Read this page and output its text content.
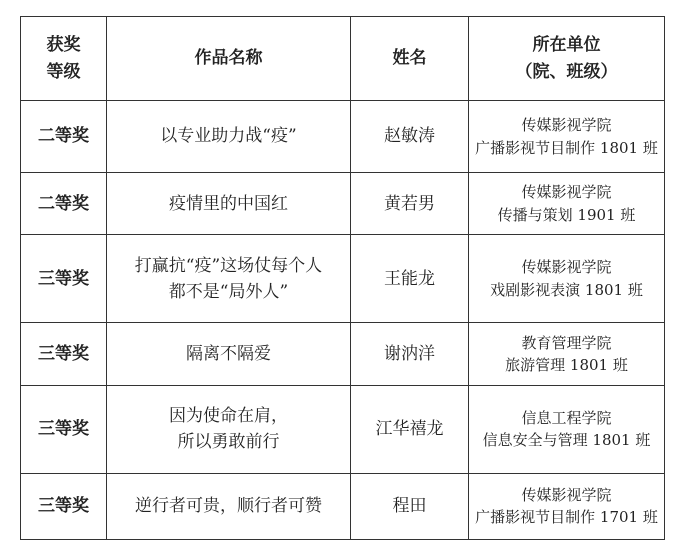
获奖
等级	作品名称	姓名	所在单位
（院、班级）

二等奖	以专业助力战“疫”	赵敏涛	传媒影视学院
广播影视节目制作 1801 班

二等奖	疫情里的中国红	黄若男	传媒影视学院
传播与策划 1901 班

三等奖	打赢抗“疫”这场仗每个人
都不是“局外人”	王能龙	传媒影视学院
戏剧影视表演 1801 班

三等奖	隔离不隔爱	谢汭洋	教育管理学院
旅游管理 1801 班

三等奖	因为使命在肩，
所以勇敢前行	江华禧龙	信息工程学院
信息安全与管理 1801 班

三等奖	逆行者可贵，顺行者可赞	程田	传媒影视学院
广播影视节目制作 1701 班
